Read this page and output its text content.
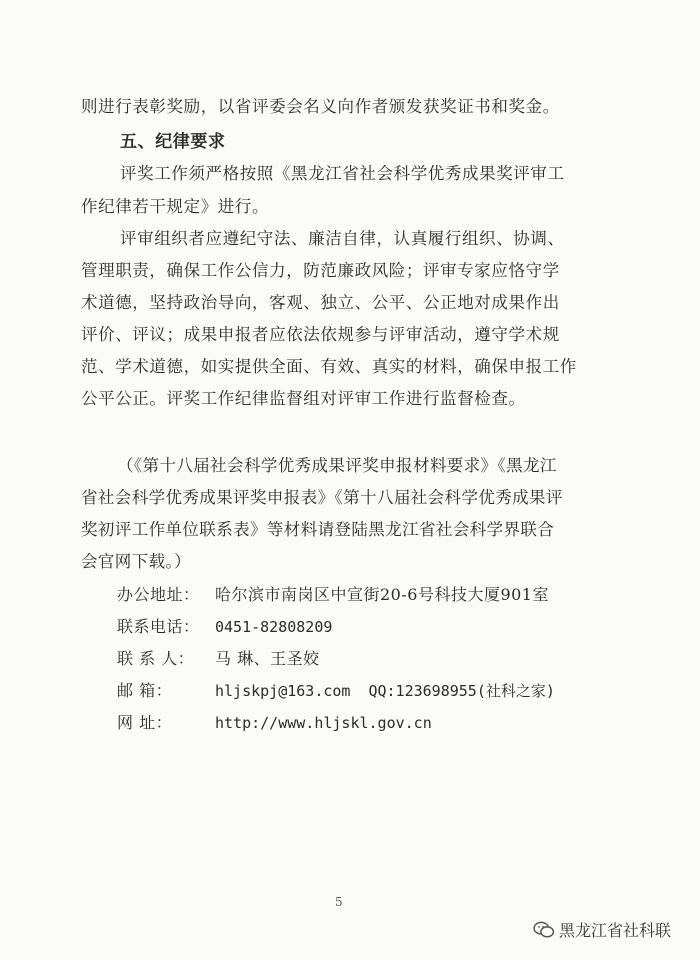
则进行表彰奖励，以省评委会名义向作者颁发获奖证书和奖金。
五、纪律要求
评奖工作须严格按照《黑龙江省社会科学优秀成果奖评审工
作纪律若干规定》进行。
评审组织者应遵纪守法、廉洁自律，认真履行组织、协调、
管理职责，确保工作公信力，防范廉政风险；评审专家应恪守学
术道德，坚持政治导向，客观、独立、公平、公正地对成果作出
评价、评议；成果申报者应依法依规参与评审活动，遵守学术规
范、学术道德，如实提供全面、有效、真实的材料，确保申报工作
公平公正。评奖工作纪律监督组对评审工作进行监督检查。
（《第十八届社会科学优秀成果评奖申报材料要求》《黑龙江
省社会科学优秀成果评奖申报表》《第十八届社会科学优秀成果评
奖初评工作单位联系表》等材料请登陆黑龙江省社会科学界联合
会官网下载。）
办公地址： 哈尔滨市南岗区中宣街20-6号科技大厦901室
联系电话： 0451-82808209
联 系 人： 马 琳、王圣姣
邮 箱：	hljskpj@163.com QQ:123698955(社科之家)
网 址：	http://www.hljskl.gov.cn
5
黑龙江省社科联
